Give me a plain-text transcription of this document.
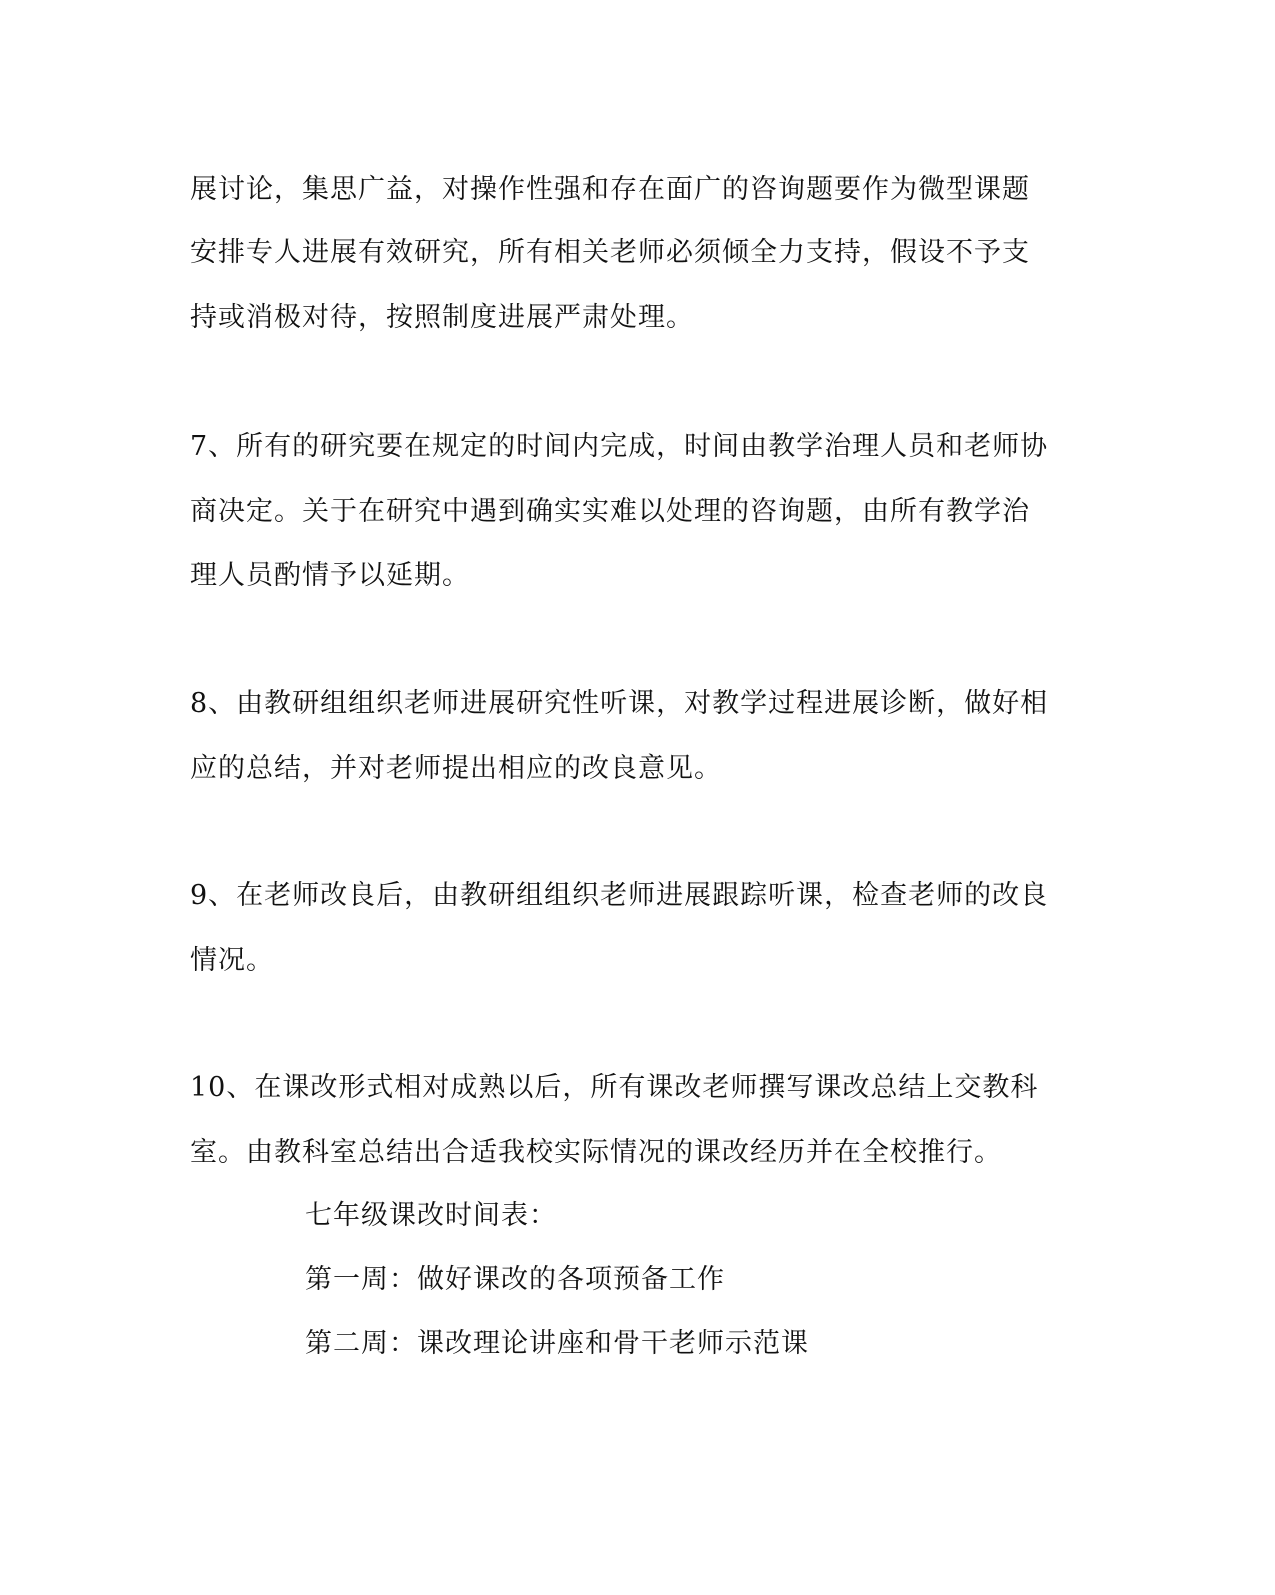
展讨论，集思广益，对操作性强和存在面广的咨询题要作为微型课题
安排专人进展有效研究，所有相关老师必须倾全力支持，假设不予支
持或消极对待，按照制度进展严肃处理。
7、所有的研究要在规定的时间内完成，时间由教学治理人员和老师协
商决定。关于在研究中遇到确实实难以处理的咨询题，由所有教学治
理人员酌情予以延期。
8、由教研组组织老师进展研究性听课，对教学过程进展诊断，做好相
应的总结，并对老师提出相应的改良意见。
9、在老师改良后，由教研组组织老师进展跟踪听课，检查老师的改良
情况。
10、在课改形式相对成熟以后，所有课改老师撰写课改总结上交教科
室。由教科室总结出合适我校实际情况的课改经历并在全校推行。
七年级课改时间表：
第一周：做好课改的各项预备工作
第二周：课改理论讲座和骨干老师示范课
